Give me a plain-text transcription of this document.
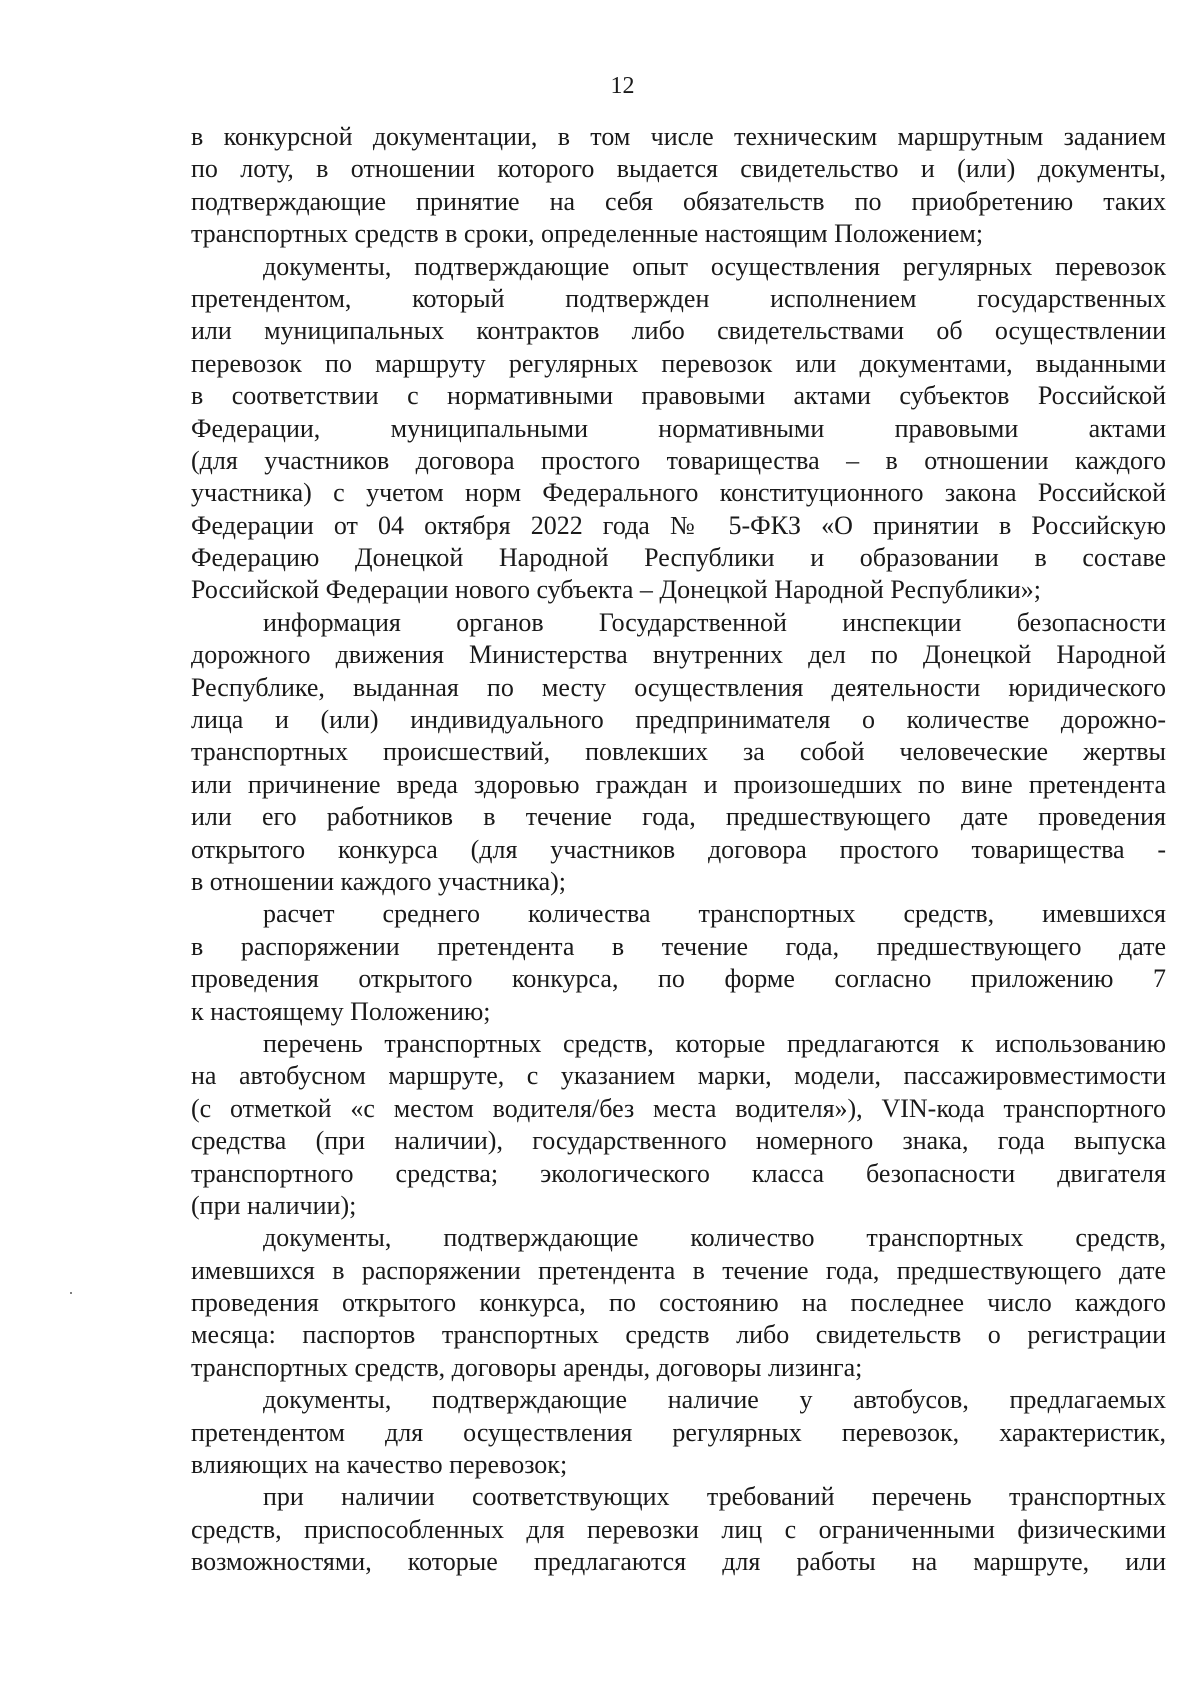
12
в конкурсной документации, в том числе техническим маршрутным заданием
по лоту, в отношении которого выдается свидетельство и (или) документы,
подтверждающие принятие на себя обязательств по приобретению таких
транспортных средств в сроки, определенные настоящим Положением;
документы, подтверждающие опыт осуществления регулярных перевозок
претендентом, который подтвержден исполнением государственных
или муниципальных контрактов либо свидетельствами об осуществлении
перевозок по маршруту регулярных перевозок или документами, выданными
в соответствии с нормативными правовыми актами субъектов Российской
Федерации, муниципальными нормативными правовыми актами
(для участников договора простого товарищества – в отношении каждого
участника) с учетом норм Федерального конституционного закона Российской
Федерации от 04 октября 2022 года № 5-ФКЗ «О принятии в Российскую
Федерацию Донецкой Народной Республики и образовании в составе
Российской Федерации нового субъекта – Донецкой Народной Республики»;
информация органов Государственной инспекции безопасности
дорожного движения Министерства внутренних дел по Донецкой Народной
Республике, выданная по месту осуществления деятельности юридического
лица и (или) индивидуального предпринимателя о количестве дорожно-
транспортных происшествий, повлекших за собой человеческие жертвы
или причинение вреда здоровью граждан и произошедших по вине претендента
или его работников в течение года, предшествующего дате проведения
открытого конкурса (для участников договора простого товарищества -
в отношении каждого участника);
расчет среднего количества транспортных средств, имевшихся
в распоряжении претендента в течение года, предшествующего дате
проведения открытого конкурса, по форме согласно приложению 7
к настоящему Положению;
перечень транспортных средств, которые предлагаются к использованию
на автобусном маршруте, с указанием марки, модели, пассажировместимости
(с отметкой «с местом водителя/без места водителя»), VIN-кода транспортного
средства (при наличии), государственного номерного знака, года выпуска
транспортного средства; экологического класса безопасности двигателя
(при наличии);
документы, подтверждающие количество транспортных средств,
имевшихся в распоряжении претендента в течение года, предшествующего дате
проведения открытого конкурса, по состоянию на последнее число каждого
месяца: паспортов транспортных средств либо свидетельств о регистрации
транспортных средств, договоры аренды, договоры лизинга;
документы, подтверждающие наличие у автобусов, предлагаемых
претендентом для осуществления регулярных перевозок, характеристик,
влияющих на качество перевозок;
при наличии соответствующих требований перечень транспортных
средств, приспособленных для перевозки лиц с ограниченными физическими
возможностями, которые предлагаются для работы на маршруте, или
